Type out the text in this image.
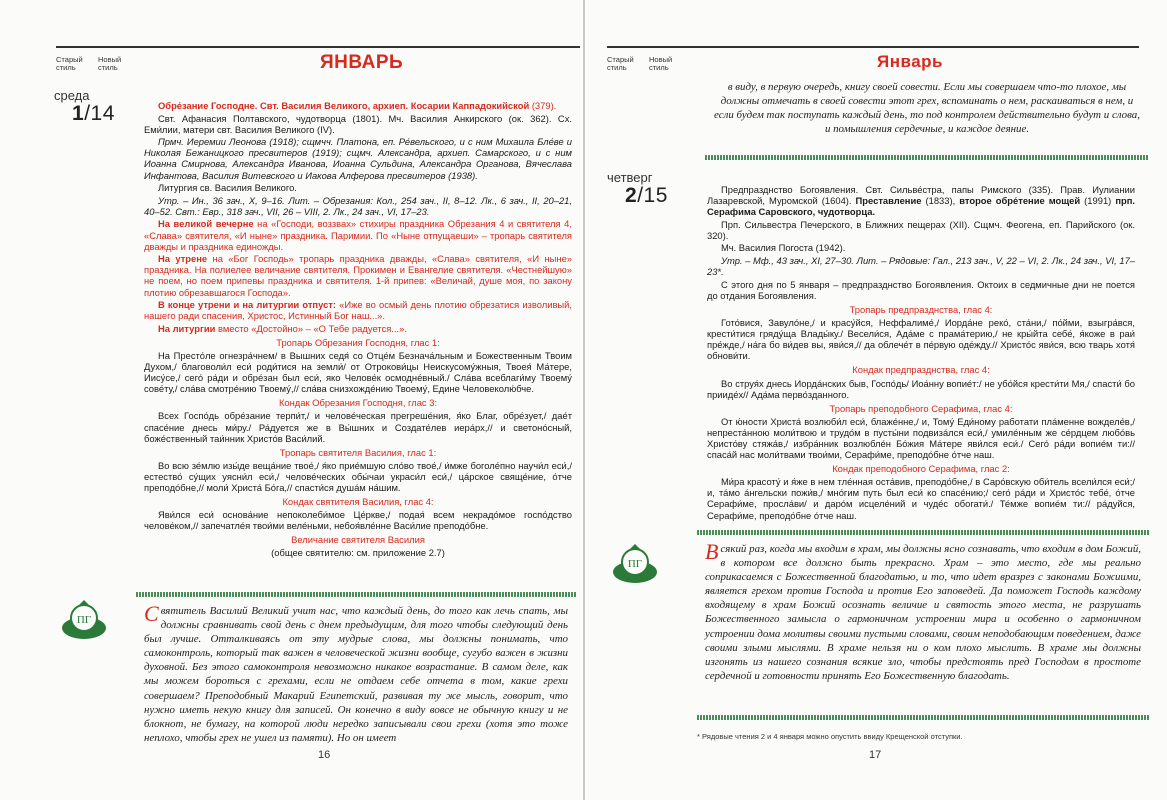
Старый стиль
Новый стиль	ЯНВАРЬ
среда
1/14	Обре́зание Господне. Свт. Василия Великого, архиеп. Косарии Каппадокийской (379).

Свт. Афанасия Полтавского, чудотворца (1801). Мч. Василия Анкирского (ок. 362). Сх. Еми́лии, матери свт. Василия Великого (IV).

Прмч. Иеремии Леонова (1918); сщмчч. Платона, еп. Ре́вельского, и с ним Михаила Бле́ве и Николая Бежаницкого пресвитеров (1919); сщмч. Александра, архиеп. Самарского, и с ним Иоанна Смирнова, Александра Иванова, Иоанна Сульдина, Александра Органова, Вячеслава Инфантова, Василия Витевского и Иакова Алферова пресвитеров (1938).

Литургия св. Василия Великого.

Утр. – Ин., 36 зач., Х, 9–16. Лит. – Обрезания: Кол., 254 зач., II, 8–12. Лк., 6 зач., II, 20–21, 40–52. Свт.: Евр., 318 зач., VII, 26 – VIII, 2. Лк., 24 зач., VI, 17–23.

На великой вечерне на «Господи, воззвах» стихиры праздника Обрезания 4 и святителя 4, «Славa» святителя, «И ныне» праздника. Паримии. По «Ныне отпущаеши» – тропарь святителя дважды и праздника единожды.

На утрене на «Бог Господь» тропарь праздника дважды, «Слава» святителя, «И ныне» праздника. На полиелее величание святителя. Прокимен и Евангелие святителя. «Честнейшую» не поем, но поем припевы праздника и святителя. 1-й припев: «Величай, душе моя, по закону плотию обрезавшагося Господа».

В конце утрени и на литургии отпуст: «Иже во осмый день плотию обрезатися изволивый, нашего ради спасения, Христос, Истинный Бог наш...».

На литургии вместо «Достойно» – «О Тебе радуется...».

Тропарь Обрезания Господня, глас 1:

На Престо́ле огнезра́чнем/ в Вышних седя́ со Отце́м Безнача́льным и Божественным Твоим Духом,/ благоволи́л еси́ роди́тися на земли́/ от Отрокови́цы Неискусому́жныя, Твоея́ Ма́тере, Иису́се,/ сего́ ра́ди и обре́зан был еси́, яко Челове́к осмодне́вный./ Сла́ва всеблаги́му Твоему́ сове́ту,/ сла́ва смотре́нию Твоему́,// сла́ва снизхожде́нию Твоему́, Едине Человеколю́бче.

Кондак Обрезания Господня, глас 3:

Всех Госпо́дь обре́зание терпи́т,/ и челове́ческая прегреше́ния, я́ко Благ, обре́зует,/ дае́т спасе́ние днесь ми́ру./ Ра́дуется же в Вы́шних и Создате́лев иера́рх,// и светоно́сный, боже́ственный таи́нник Христо́в Васи́лий.

Тропарь святителя Василия, глас 1:

Во всю зе́млю изы́де веща́ние твое́,/ я́ко прие́мшую сло́во твое́,/ и́мже боголе́пно научи́л еси́,/ естество́ су́щих уясни́л еси́,/ челове́ческих обы́чаи украси́л еси́,/ ца́рское свяще́ние, о́тче преподо́бне,// моли́ Христа́ Бо́га,// спасти́ся душа́м на́шим.

Кондак святителя Василия, глас 4:

Яви́лся еси́ основа́ние непоколеби́мое Це́ркве,/ подая́ всем некрадо́мое госпо́дство челове́ком,// запечатле́я твои́ми веле́ньми, небоя́вле́нне Васи́лие преподо́бне.

Величание святителя Василия

(общее святителю: см. приложение 2.7)

ПГ Святитель Василий Великий учит нас, что каждый день, до того как лечь спать, мы должны сравнивать свой день с днем предыдущим, для того чтобы следующий день был лучше. Отталкиваясь от эту мудрые слова, мы должны понимать, что самоконтроль, который так важен в человеческой жизни вообще, сугубо важен в жизни духовной. Без этого самоконтроля невозможно никакое возрастание. В самом деле, как мы можем бороться с грехами, если не отдаем себе отчета в том, какие грехи совершаем? Преподобный Макарий Египетский, развивая ту же мысль, говорит, что нужно иметь некую книгу для записей. Он конечно в виду вовсе не обычную книгу и не блокнот, не бумагу, на которой люди нередко записывали свои грехи (хотя это тоже неплохо, чтобы грех не ушел из памяти). Но он имеет
16
Старый стиль
Новый стиль	Январь
в виду, в первую очередь, книгу своей совести. Если мы совершаем что-то плохое, мы должны отмечать в своей совести этот грех, вспоминать о нем, раскаиваться в нем, и если будем так поступать каждый день, то под контролем действительно будут и слова, и помышления сердечные, и каждое деяние.
четверг
2/15	Предпразднство Богоявления. Свт. Сильве́стра, папы Римского (335). Прав. Иулиании Лазаревской, Муромской (1604). Преставление (1833), второе обре́тение мощей (1991) прп. Серафима Саровского, чудотворца.

Прп. Сильвестра Печерского, в Ближних пещерах (XII). Сщмч. Феогена, еп. Парийского (ок. 320).

Мч. Василия Погоста (1942).

Утр. – Мф., 43 зач., XI, 27–30. Лит. – Рядовые: Гал., 213 зач., V, 22 – VI, 2. Лк., 24 зач., VI, 17–23*.

С этого дня по 5 января – предпразднство Богоявления. Октоих в седмичные дни не поется до отдания Богоявления.

Тропарь предпразднства, глас 4:

Гото́вися, Завуло́не,/ и краcу́йся, Неффалиме́,/ Иорда́не реко́, ста́ни,/ по́йми, взыгра́вся, крести́тися гряду́ща Влады́ку./ Весели́ся, Ада́ме с прама́терию,/ не кры́йта себе́, я́коже в раи́ пре́жде,/ на́га бо ви́дев вы, яви́ся,// да облече́т в пе́рвую оде́жду.// Христо́с яви́ся, всю тварь хотя́ обнови́ти.

Кондак предпразднства, глас 4:

Во струя́х днесь Иорда́нских быв, Госпо́дь/ Иоа́нну вопие́т:/ не убо́йся крести́ти Мя,/ спасти́ бо прииде́х// Ада́ма перво́зданного.

Тропарь преподобного Серафима, глас 4:

От ю́ности Христа́ возлюби́л еси́, блаже́нне,/ и, Тому́ Еди́ному работати пла́менне вожделе́в,/ непреста́нною моли́твою и трудо́м в пусты́ни подвиза́лся еси́,/ умиле́нным же се́рдцем любо́вь Христо́ву стяжа́в,/ избра́нник возлюбле́н Бо́жия Ма́тере яви́лся еси́./ Сего́ ра́ди вопие́м ти:// спаса́й нас моли́твами твои́ми, Серафи́ме, преподо́бне о́тче наш.

Кондак преподобного Серафима, глас 2:

Ми́ра красоту́ и я́же в нем тле́нная оста́вив, преподо́бне,/ в Саро́вскую оби́тель всели́лся еси́;/ и, та́мо а́нгельски пожи́в,/ мно́гим путь был еси́ ко спасе́нию;/ сего́ ра́ди и Христо́с тебе́, о́тче Серафи́ме, просла́ви/ и даро́м исцеле́ний и чуде́с обогати́./ Те́мже вопие́м ти:// ра́дуйся, Серафи́ме, преподо́бне о́тче наш.

ПГ	Всякий раз, когда мы входим в храм, мы должны ясно сознавать, что входим в дом Божий, в котором все должно быть прекрасно. Храм – это место, где мы реально соприкасаемся с Божественной благодатью, и то, что идет вразрез с законами Божиими, является грехом против Господа и против Его заповедей. Да поможет Господь каждому входящему в храм Божий осознать величие и святость этого места, не разрушать Божественного замысла о гармоничном устроении мира и особенно о гармоничном устроении дома молитвы своими пустыми словами, своим неподобающим поведением, даже своими злыми мыслями. В храме нельзя ни о ком плохо мыслить. В храме мы должны изгонять из нашего сознания всякие зло, чтобы предстоять пред Господом в простоте сердечной и готовности принять Его Божественную благодать.
* Рядовые чтения 2 и 4 января можно опустить ввиду Крещенской отступки.
17
